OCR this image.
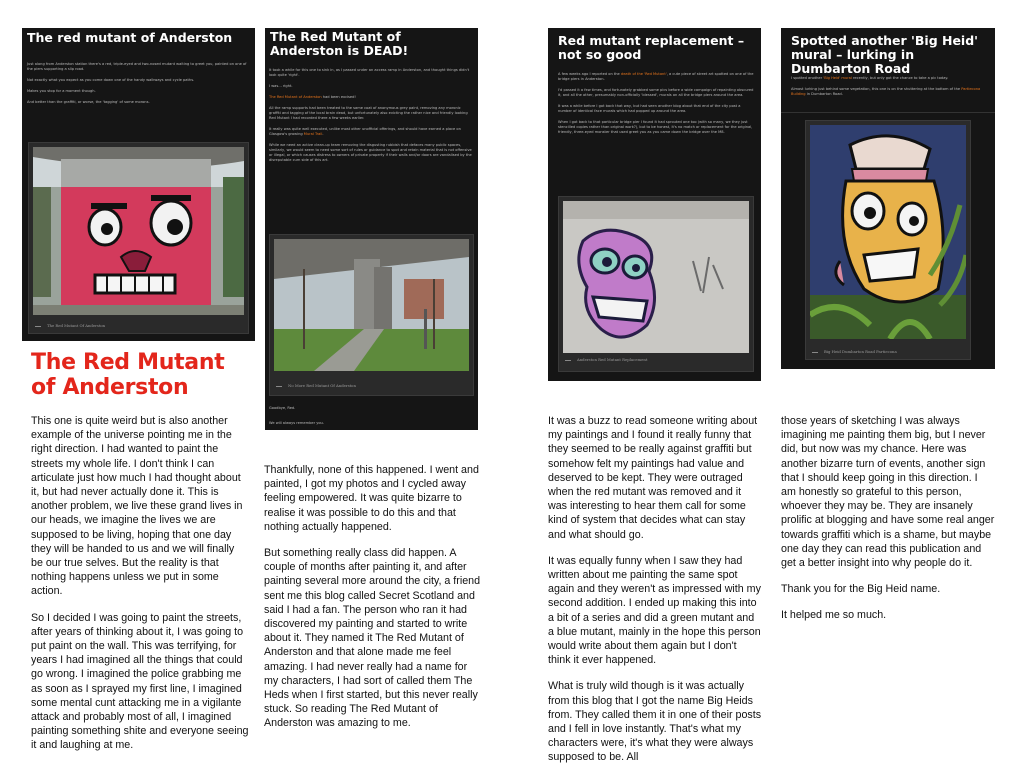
The red mutant of Anderston

Just along from Anderston station there's a red, triple-eyed and two-nosed mutant waiting to greet you, painted on one of the piers supporting a slip road.

Not exactly what you expect as you come down one of the handy walkways and cycle paths.

Makes you stop for a moment though.

And better than the graffiti, or worse, the 'tagging' of some morons.

The Red Mutant Of Anderston
The Red Mutant of Anderston is DEAD!

It took a while for this one to sink in, as I passed under an access ramp in Anderston, and thought things didn't look quite 'right'.

I was… right.

The Red Mutant of Anderston had been excised!

All the ramp supports had been treated to the same coat of anonymous grey paint, removing any moronic graffiti and tagging of the local brain dead, but unfortunately also evicting the rather nice and friendly looking Red Mutant I had recorded there a few weeks earlier.

It really was quite well executed, unlike most other unofficial offerings, and should have earned a place on Glasgow's growing Mural Trail.

While we need an active clean-up team removing the disgusting rubbish that defaces many public spaces, similarly, we would seem to need some sort of rules or guidance to spot and retain material that is not offensive or illegal, or which causes distress to owners of private property if their walls and/or doors are vandalised by the disreputable cum side of this art.

No More Red Mutant Of Anderston

Goodbye, Red.

We will always remember you.

Red mutant replacement – not so good

A few weeks ago I reported on the death of the 'Red Mutant', a cute piece of street art spotted on one of the bridge piers in Anderston.

I'd passed it a few times, and fortunately grabbed some pics before a wide campaign of repainting obscured it, and all the other, presumably non-officially 'blessed', murals on all the bridge piers around the area.

It was a while before I got back that way, but had seen another blog about that end of the city post a number of identical face murals which had popped up around the area.

When I got back to that particular bridge pier I found it had sprouted one too (with so many, we they just stencilled copies rather than original work?), but to be honest, it's no match or replacement for the original, friendly, three-eyed monster that used greet you as you came down the bridge over the M8.

Anderston Red Mutant Replacement
Spotted another 'Big Heid' mural – lurking in Dumbarton Road

I spotted another 'Big Heid' mural recently, but only got the chance to take a pic today.

Almost lurking just behind some vegetation, this one is on the shuttering at the bottom of the Partiecona Building in Dumbarton Road.

Big Heid Dumbarton Road Partiecona
The Red Mutant
of Anderston

This one is quite weird but is also another example of the universe pointing me in the right direction. I had wanted to paint the streets my whole life. I don't think I can articulate just how much I had thought about it, but had never actually done it. This is another problem, we live these grand lives in our heads, we imagine the lives we are supposed to be living, hoping that one day they will be handed to us and we will finally be our true selves. But the reality is that nothing happens unless we put in some action.

So I decided I was going to paint the streets, after years of thinking about it, I was going to put paint on the wall. This was terrifying, for years I had imagined all the things that could go wrong. I imagined the police grabbing me as soon as I sprayed my first line, I imagined some mental cunt attacking me in a vigilante attack and probably most of all, I imagined painting something shite and everyone seeing it and laughing at me.

Thankfully, none of this happened. I went and painted, I got my photos and I cycled away feeling empowered. It was quite bizarre to realise it was possible to do this and that nothing actually happened.

But something really class did happen. A couple of months after painting it, and after painting several more around the city, a friend sent me this blog called Secret Scotland and said I had a fan. The person who ran it had discovered my painting and started to write about it. They named it The Red Mutant of Anderston and that alone made me feel amazing. I had never really had a name for my characters, I had sort of called them The Heds when I first started, but this never really stuck. So reading The Red Mutant of Anderston was amazing to me.

It was a buzz to read someone writing about my paintings and I found it really funny that they seemed to be really against graffiti but somehow felt my paintings had value and deserved to be kept. They were outraged when the red mutant was removed and it was interesting to hear them call for some kind of system that decides what can stay and what should go.

It was equally funny when I saw they had written about me painting the same spot again and they weren't as impressed with my second addition. I ended up making this into a bit of a series and did a green mutant and a blue mutant, mainly in the hope this person would write about them again but I don't think it ever happened.

What is truly wild though is it was actually from this blog that I got the name Big Heids from. They called them it in one of their posts and I fell in love instantly. That's what my characters were, it's what they were always supposed to be. All

those years of sketching I was always imagining me painting them big, but I never did, but now was my chance. Here was another bizarre turn of events, another sign that I should keep going in this direction. I am honestly so grateful to this person, whoever they may be. They are insanely prolific at blogging and have some real anger towards graffiti which is a shame, but maybe one day they can read this publication and get a better insight into why people do it.

Thank you for the Big Heid name.

It helped me so much.
